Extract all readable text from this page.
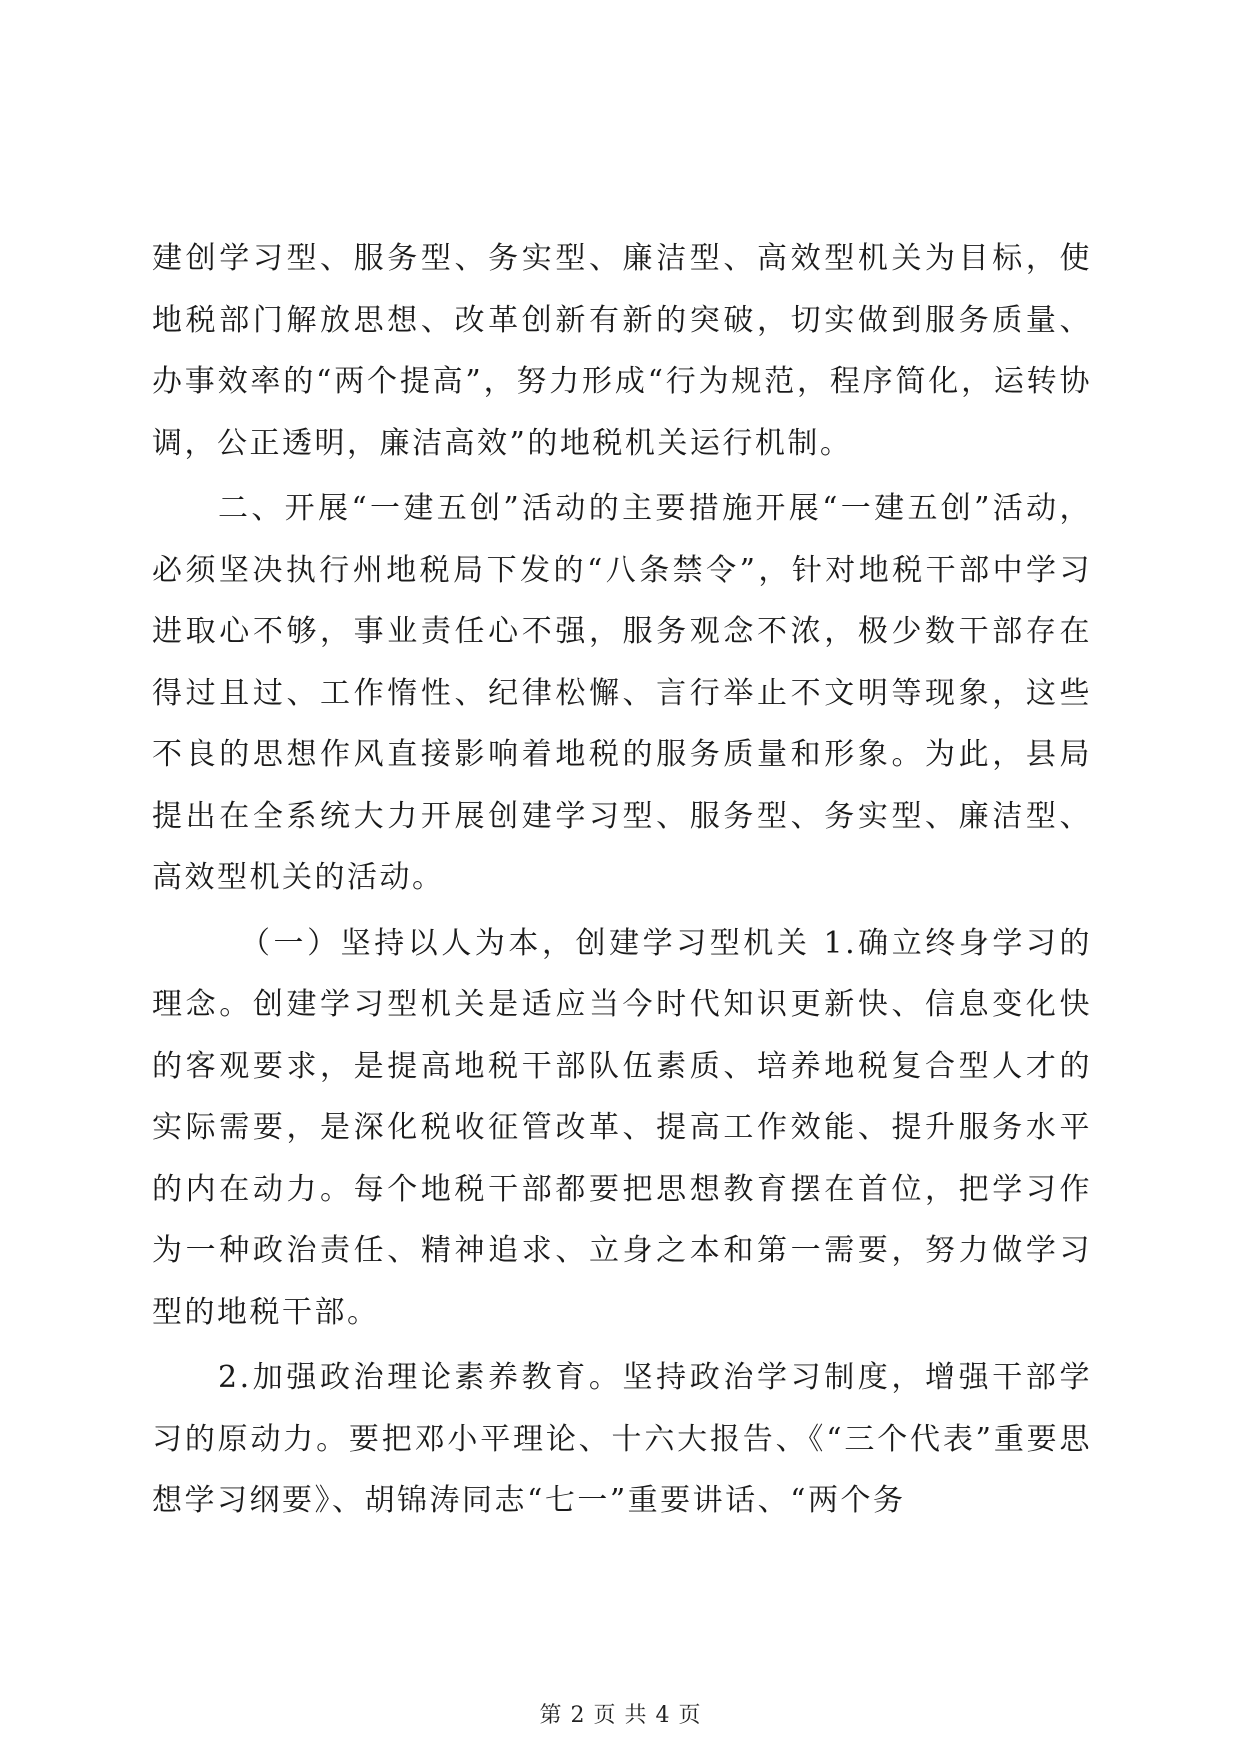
建创学习型、服务型、务实型、廉洁型、高效型机关为目标，使地税部门解放思想、改革创新有新的突破，切实做到服务质量、办事效率的“两个提高”，努力形成“行为规范，程序简化，运转协调，公正透明，廉洁高效”的地税机关运行机制。

二、开展“一建五创”活动的主要措施开展“一建五创”活动，必须坚决执行州地税局下发的“八条禁令”，针对地税干部中学习进取心不够，事业责任心不强，服务观念不浓，极少数干部存在得过且过、工作惰性、纪律松懈、言行举止不文明等现象，这些不良的思想作风直接影响着地税的服务质量和形象。为此，县局提出在全系统大力开展创建学习型、服务型、务实型、廉洁型、高效型机关的活动。

（一）坚持以人为本，创建学习型机关 1.确立终身学习的理念。创建学习型机关是适应当今时代知识更新快、信息变化快的客观要求，是提高地税干部队伍素质、培养地税复合型人才的实际需要，是深化税收征管改革、提高工作效能、提升服务水平的内在动力。每个地税干部都要把思想教育摆在首位，把学习作为一种政治责任、精神追求、立身之本和第一需要，努力做学习型的地税干部。

2.加强政治理论素养教育。坚持政治学习制度，增强干部学习的原动力。要把邓小平理论、十六大报告、《“三个代表”重要思想学习纲要》、胡锦涛同志“七一”重要讲话、“两个务

第 2 页 共 4 页
